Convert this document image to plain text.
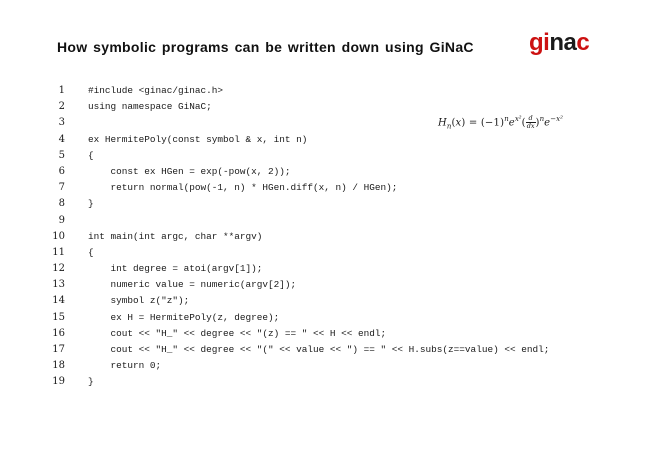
How symbolic programs can be written down using GiNaC ginac
$H_n(x) = (-1)^ne^{x^2}( \frac{d}{dx} )^ne^{-x^2}$
1 #include <ginac/ginac.h>
2 using namespace GiNaC;
3
4 ex HermitePoly(const symbol & x, int n)
5 {
6    const ex HGen = exp(-pow(x, 2));
7    return normal(pow(-1, n) * HGen.diff(x, n) / HGen);
8 }
9
10 int main(int argc, char **argv)
11 {
12    int degree = atoi(argv[1]);
13    numeric value = numeric(argv[2]);
14    symbol z("z");
15    ex H = HermitePoly(z, degree);
16    cout << "H_" << degree << "(z) == " << H << endl;
17    cout << "H_" << degree << "(" << value << ") == " << H.subs(z==value) << endl;
18    return 0;
19 }
